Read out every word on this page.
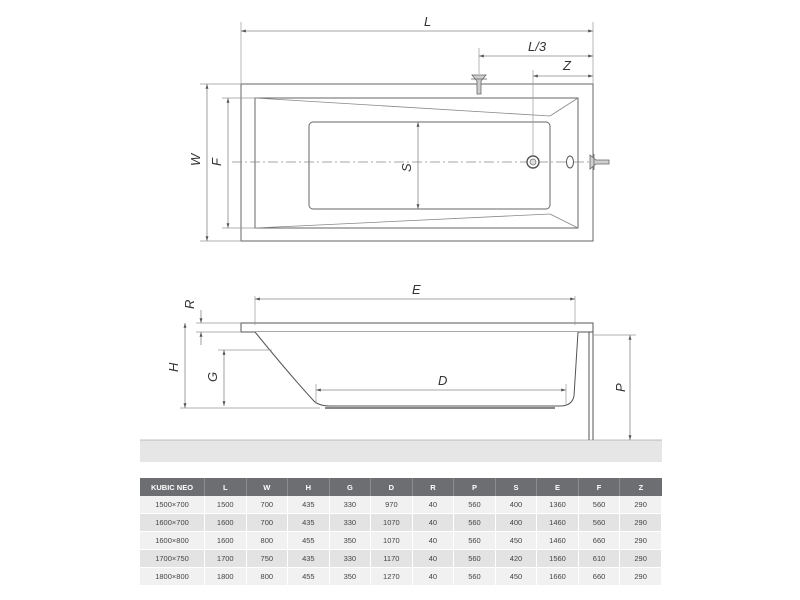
L
L/3
Z
W F
S
E
R
H
G	D	P
KUBIC NEO	L	W	H	G	D	R	P	S	E	F	Z
1500×700	1500	700	435	330	970	40	560	400	1360	560	290
1600×700	1600	700	435	330	1070	40	560	400	1460	560	290
1600×800	1600	800	455	350	1070	40	560	450	1460	660	290
1700×750	1700	750	435	330	1170	40	560	420	1560	610	290
1800×800	1800	800	455	350	1270	40	560	450	1660	660	290
